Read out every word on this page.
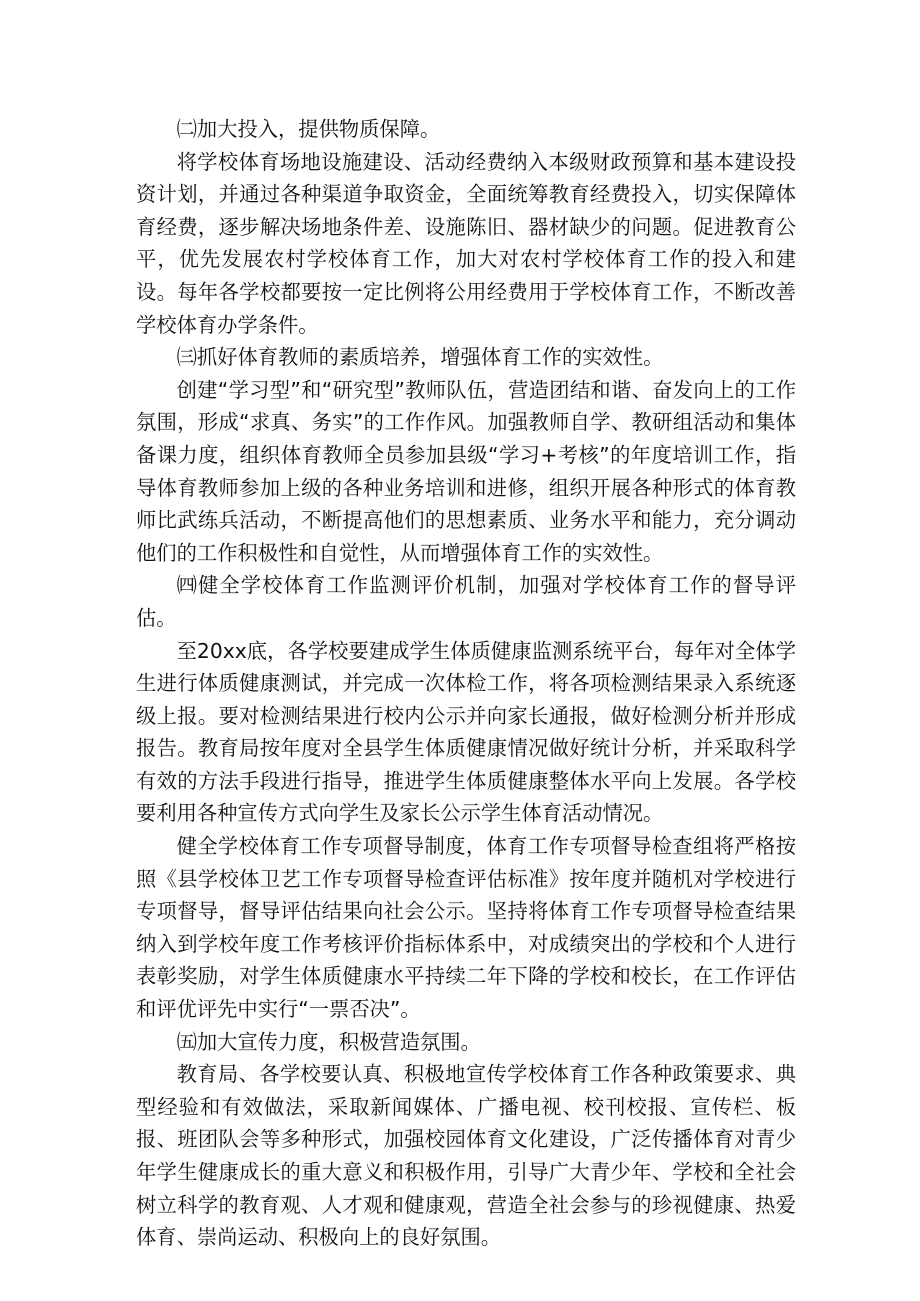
㈡加大投入，提供物质保障。

将学校体育场地设施建设、活动经费纳入本级财政预算和基本建设投资计划，并通过各种渠道争取资金，全面统筹教育经费投入，切实保障体育经费，逐步解决场地条件差、设施陈旧、器材缺少的问题。促进教育公平，优先发展农村学校体育工作，加大对农村学校体育工作的投入和建设。每年各学校都要按一定比例将公用经费用于学校体育工作，不断改善学校体育办学条件。

㈢抓好体育教师的素质培养，增强体育工作的实效性。

创建“学习型”和“研究型”教师队伍，营造团结和谐、奋发向上的工作氛围，形成“求真、务实”的工作作风。加强教师自学、教研组活动和集体备课力度，组织体育教师全员参加县级“学习+考核”的年度培训工作，指导体育教师参加上级的各种业务培训和进修，组织开展各种形式的体育教师比武练兵活动，不断提高他们的思想素质、业务水平和能力，充分调动他们的工作积极性和自觉性，从而增强体育工作的实效性。

㈣健全学校体育工作监测评价机制，加强对学校体育工作的督导评估。

至20xx底，各学校要建成学生体质健康监测系统平台，每年对全体学生进行体质健康测试，并完成一次体检工作，将各项检测结果录入系统逐级上报。要对检测结果进行校内公示并向家长通报，做好检测分析并形成报告。教育局按年度对全县学生体质健康情况做好统计分析，并采取科学有效的方法手段进行指导，推进学生体质健康整体水平向上发展。各学校要利用各种宣传方式向学生及家长公示学生体育活动情况。

健全学校体育工作专项督导制度，体育工作专项督导检查组将严格按照《县学校体卫艺工作专项督导检查评估标准》按年度并随机对学校进行专项督导，督导评估结果向社会公示。坚持将体育工作专项督导检查结果纳入到学校年度工作考核评价指标体系中，对成绩突出的学校和个人进行表彰奖励，对学生体质健康水平持续二年下降的学校和校长，在工作评估和评优评先中实行“一票否决”。

㈤加大宣传力度，积极营造氛围。

教育局、各学校要认真、积极地宣传学校体育工作各种政策要求、典型经验和有效做法，采取新闻媒体、广播电视、校刊校报、宣传栏、板报、班团队会等多种形式，加强校园体育文化建设，广泛传播体育对青少年学生健康成长的重大意义和积极作用，引导广大青少年、学校和全社会树立科学的教育观、人才观和健康观，营造全社会参与的珍视健康、热爱体育、崇尚运动、积极向上的良好氛围。
